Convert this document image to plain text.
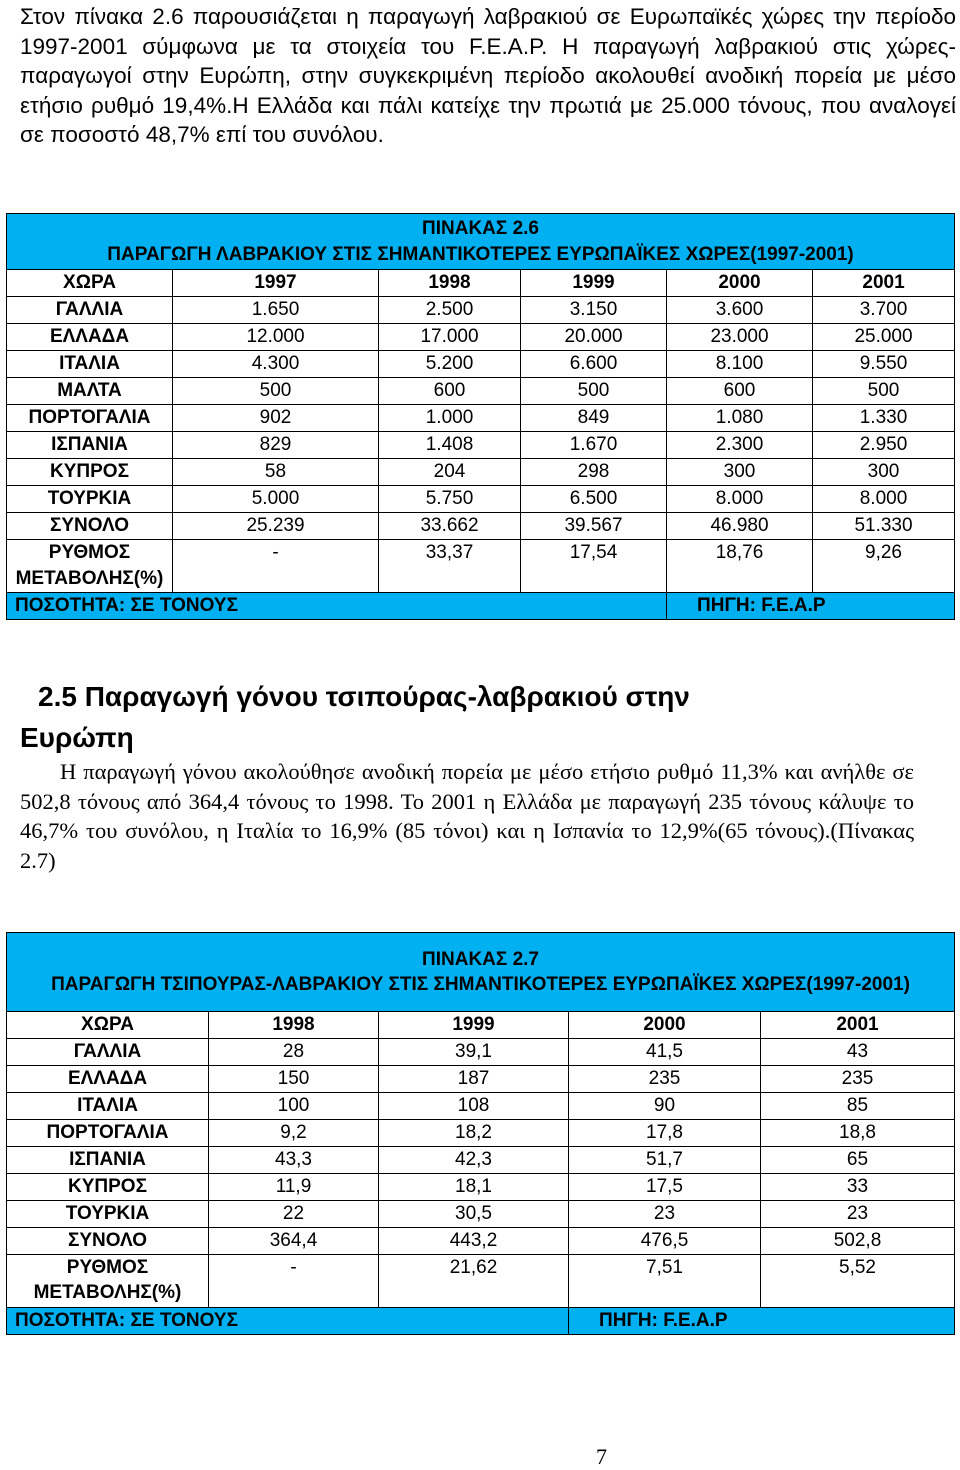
Στον πίνακα 2.6 παρουσιάζεται η παραγωγή λαβρακιού σε Ευρωπαϊκές χώρες την περίοδο 1997-2001 σύμφωνα με τα στοιχεία του F.E.A.P. Η παραγωγή λαβρακιού στις χώρες-παραγωγοί στην Ευρώπη, στην συγκεκριμένη περίοδο ακολουθεί ανοδική πορεία με μέσο ετήσιο ρυθμό 19,4%.Η Ελλάδα και πάλι κατείχε την πρωτιά με 25.000 τόνους, που αναλογεί σε ποσοστό 48,7% επί του συνόλου.

ΠΙΝΑΚΑΣ 2.6
ΠΑΡΑΓΩΓΗ ΛΑΒΡΑΚΙΟΥ ΣΤΙΣ ΣΗΜΑΝΤΙΚΟΤΕΡΕΣ ΕΥΡΩΠΑΪΚΕΣ ΧΩΡΕΣ(1997-2001)					

ΧΩΡΑ	1997	1998	1999	2000	2001
ΓΑΛΛΙΑ	1.650	2.500	3.150	3.600	3.700
ΕΛΛΑΔΑ	12.000	17.000	20.000	23.000	25.000
ΙΤΑΛΙΑ	4.300	5.200	6.600	8.100	9.550
ΜΑΛΤΑ	500	600	500	600	500
ΠΟΡΤΟΓΑΛΙΑ	902	1.000	849	1.080	1.330
ΙΣΠΑΝΙΑ	829	1.408	1.670	2.300	2.950
ΚΥΠΡΟΣ	58	204	298	300	300
ΤΟΥΡΚΙΑ	5.000	5.750	6.500	8.000	8.000
ΣΥΝΟΛΟ	25.239	33.662	39.567	46.980	51.330
ΡΥΘΜΟΣ ΜΕΤΑΒΟΛΗΣ(%)	-	33,37	17,54	18,76	9,26
ΠΟΣΟΤΗΤΑ: ΣΕ ΤΟΝΟΥΣ				ΠΗΓΗ: F.E.A.P	
2.5 Παραγωγή γόνου τσιπούρας-λαβρακιού στην
Ευρώπη

Η παραγωγή γόνου ακολούθησε ανοδική πορεία με μέσο ετήσιο ρυθμό 11,3% και ανήλθε σε 502,8 τόνους από 364,4 τόνους το 1998. Το 2001 η Ελλάδα με παραγωγή 235 τόνους κάλυψε το 46,7% του συνόλου, η Ιταλία το 16,9% (85 τόνοι) και η Ισπανία το 12,9%(65 τόνους).(Πίνακας 2.7)

ΠΙΝΑΚΑΣ 2.7
ΠΑΡΑΓΩΓΗ ΤΣΙΠΟΥΡΑΣ-ΛΑΒΡΑΚΙΟΥ ΣΤΙΣ ΣΗΜΑΝΤΙΚΟΤΕΡΕΣ ΕΥΡΩΠΑΪΚΕΣ ΧΩΡΕΣ(1997-2001)				

ΧΩΡΑ	1998	1999	2000	2001
ΓΑΛΛΙΑ	28	39,1	41,5	43
ΕΛΛΑΔΑ	150	187	235	235
ΙΤΑΛΙΑ	100	108	90	85
ΠΟΡΤΟΓΑΛΙΑ	9,2	18,2	17,8	18,8
ΙΣΠΑΝΙΑ	43,3	42,3	51,7	65
ΚΥΠΡΟΣ	11,9	18,1	17,5	33
ΤΟΥΡΚΙΑ	22	30,5	23	23
ΣΥΝΟΛΟ	364,4	443,2	476,5	502,8
ΡΥΘΜΟΣ ΜΕΤΑΒΟΛΗΣ(%)	-	21,62	7,51	5,52
ΠΟΣΟΤΗΤΑ: ΣΕ ΤΟΝΟΥΣ			ΠΗΓΗ: F.E.A.P	

7
